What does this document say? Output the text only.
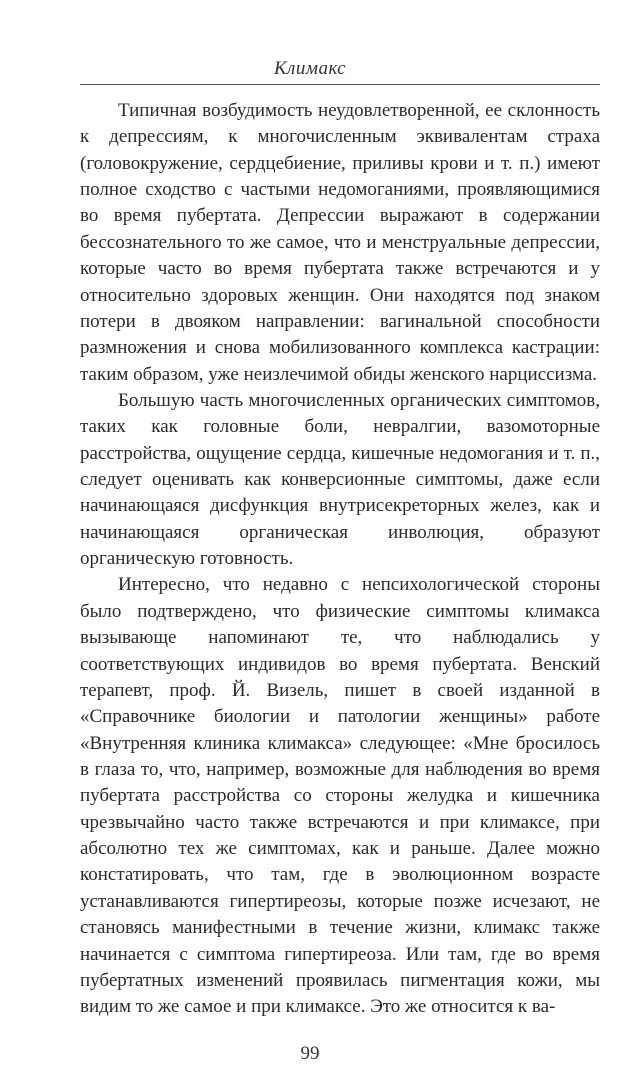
Климакс

Типичная возбудимость неудовлетворенной, ее склонность к депрессиям, к многочисленным эквивалентам страха (головокружение, сердцебиение, приливы крови и т. п.) имеют полное сходство с частыми недомоганиями, проявляющимися во время пубертата. Депрессии выражают в содержании бессознательного то же самое, что и менструальные депрессии, которые часто во время пубертата также встречаются и у относительно здоровых женщин. Они находятся под знаком потери в двояком направлении: вагинальной способности размножения и снова мобилизованного комплекса кастрации: таким образом, уже неизлечимой обиды женского нарциссизма.

Большую часть многочисленных органических симптомов, таких как головные боли, невралгии, вазомоторные расстройства, ощущение сердца, кишечные недомогания и т. п., следует оценивать как конверсионные симптомы, даже если начинающаяся дисфункция внутрисекреторных желез, как и начинающаяся органическая инволюция, образуют органическую готовность.

Интересно, что недавно с непсихологической стороны было подтверждено, что физические симптомы климакса вызывающе напоминают те, что наблюдались у соответствующих индивидов во время пубертата. Венский терапевт, проф. Й. Визель, пишет в своей изданной в «Справочнике биологии и патологии женщины» работе «Внутренняя клиника климакса» следующее: «Мне бросилось в глаза то, что, например, возможные для наблюдения во время пубертата расстройства со стороны желудка и кишечника чрезвычайно часто также встречаются и при климаксе, при абсолютно тех же симптомах, как и раньше. Далее можно констатировать, что там, где в эволюционном возрасте устанавливаются гипертиреозы, которые позже исчезают, не становясь манифестными в течение жизни, климакс также начинается с симптома гипертиреоза. Или там, где во время пубертатных изменений проявилась пигментация кожи, мы видим то же самое и при климаксе. Это же относится к ва-

99
